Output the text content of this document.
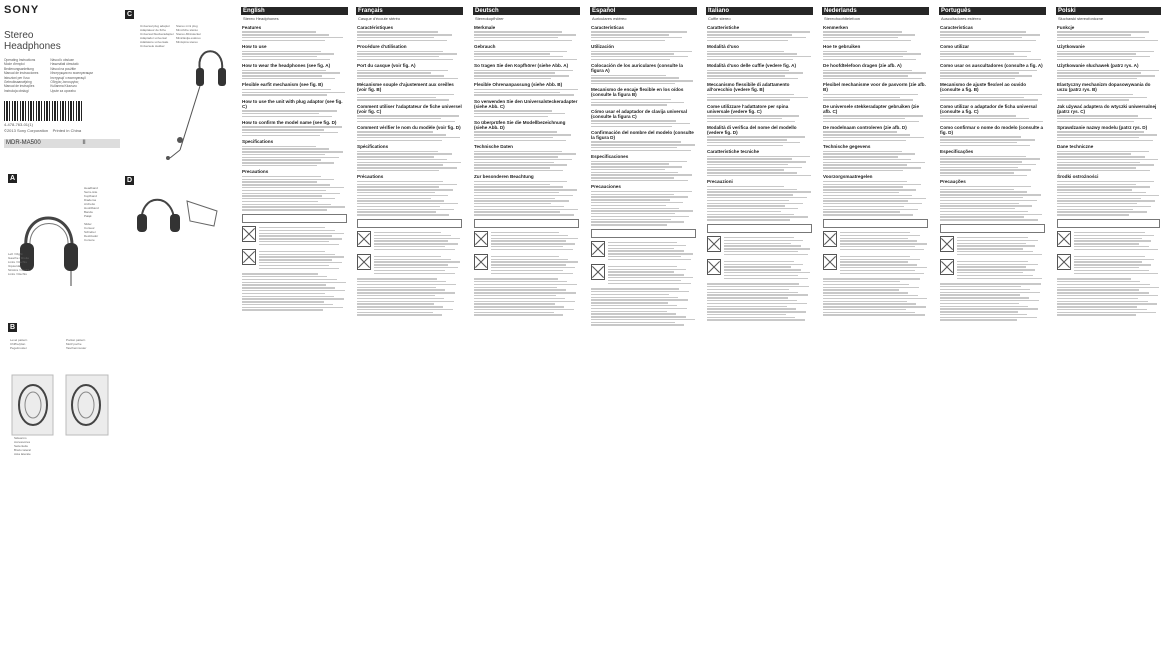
SONY
Stereo
Headphones
Operating Instructions
Mode d'emploi
Bedienungsanleitung
Manual de instrucciones
Istruzioni per l'uso
Gebruiksaanwijzing
Manual de instruções
Instrukcja obsługi
Návod k obsluze
Használati útmutató
Návod na použitie
Инструкция по эксплуатации
Інструкції з експлуатації
Οδηγίες λειτουργίας
Kullanma Kılavuzu
Upute za uporabu
4-478-763-01(1)
©2013 Sony Corporation Printed in China
MDR-MA500	II
A
Headband
Serre-tête
Kopfband
Diadema
Archetto
Hoofdband
Banda
Pałąk

Slider
Curseur
Schieber
Deslizador
Cursore
Left / Right
Gauche / Droite
Links / Rechts
Izquierda
Sinistra / Destra
Links / Rechts
B
Level pattern
Chiffre/plan
Pegelmuster
Pocket pattern
Motif poche
Taschenmuster
Sidearms
Accessoires
Seitenteile
Brazo lateral
Asta laterale
C
Universal plug adaptor
Adaptateur de fiche
Universal-Steckeradapter
Adaptador universal
Adattatore universale
Universele stekker
Stereo mini plug
Mini-fiche stéréo
Stereo-Ministecker
Miniclavija estéreo
Minispina stereo
D
English
Stereo Headphones
Features
How to use
How to wear the headphones (see fig. A)
Flexible earfit mechanism (see fig. B)
How to use the unit with plug adaptor (see fig. C)
How to confirm the model name (see fig. D)
Specifications
Precautions
Français
Casque d'écoute stéréo
Caractéristiques
Procédure d'utilisation
Port du casque (voir fig. A)
Mécanisme souple d'ajustement aux oreilles (voir fig. B)
Comment utiliser l'adaptateur de fiche universel (voir fig. C)
Comment vérifier le nom du modèle (voir fig. D)
Spécifications
Précautions
Deutsch
Stereokopfhörer
Merkmale
Gebrauch
So tragen Sie den Kopfhörer (siehe Abb. A)
Flexible Ohrenanpassung (siehe Abb. B)
So verwenden Sie den Universalsteckeradapter (siehe Abb. C)
So überprüfen Sie die Modellbezeichnung (siehe Abb. D)
Technische Daten
Zur besonderen Beachtung
Español
Auriculares estéreo
Características
Utilización
Colocación de los auriculares (consulte la figura A)
Mecanismo de encaje flexible en los oídos (consulte la figura B)
Cómo usar el adaptador de clavija universal (consulte la figura C)
Confirmación del nombre del modelo (consulte la figura D)
Especificaciones
Precauciones
Italiano
Cuffie stereo
Caratteristiche
Modalità d'uso
Modalità d'uso delle cuffie (vedere fig. A)
Meccanismo flessibile di adattamento all'orecchio (vedere fig. B)
Come utilizzare l'adattatore per spina universale (vedere fig. C)
Modalità di verifica del nome del modello (vedere fig. D)
Caratteristiche tecniche
Precauzioni
Nederlands
Stereohoofdtelefoon
Kenmerken
Hoe te gebruiken
De hoofdtelefoon dragen (zie afb. A)
Flexibel mechanisme voor de pasvorm (zie afb. B)
De universele stekkeradapter gebruiken (zie afb. C)
De modelnaam controleren (zie afb. D)
Technische gegevens
Voorzorgsmaatregelen
Português
Auscultadores estéreo
Características
Como utilizar
Como usar os auscultadores (consulte a fig. A)
Mecanismo de ajuste flexível ao ouvido (consulte a fig. B)
Como utilizar o adaptador de ficha universal (consulte a fig. C)
Como confirmar o nome do modelo (consulte a fig. D)
Especificações
Precauções
Polski
Słuchawki stereofoniczne
Funkcje
Użytkowanie
Użytkowanie słuchawek (patrz rys. A)
Elastyczny mechanizm dopasowywania do uszu (patrz rys. B)
Jak używać adaptera do wtyczki uniwersalnej (patrz rys. C)
Sprawdzanie nazwy modelu (patrz rys. D)
Dane techniczne
Środki ostrożności
